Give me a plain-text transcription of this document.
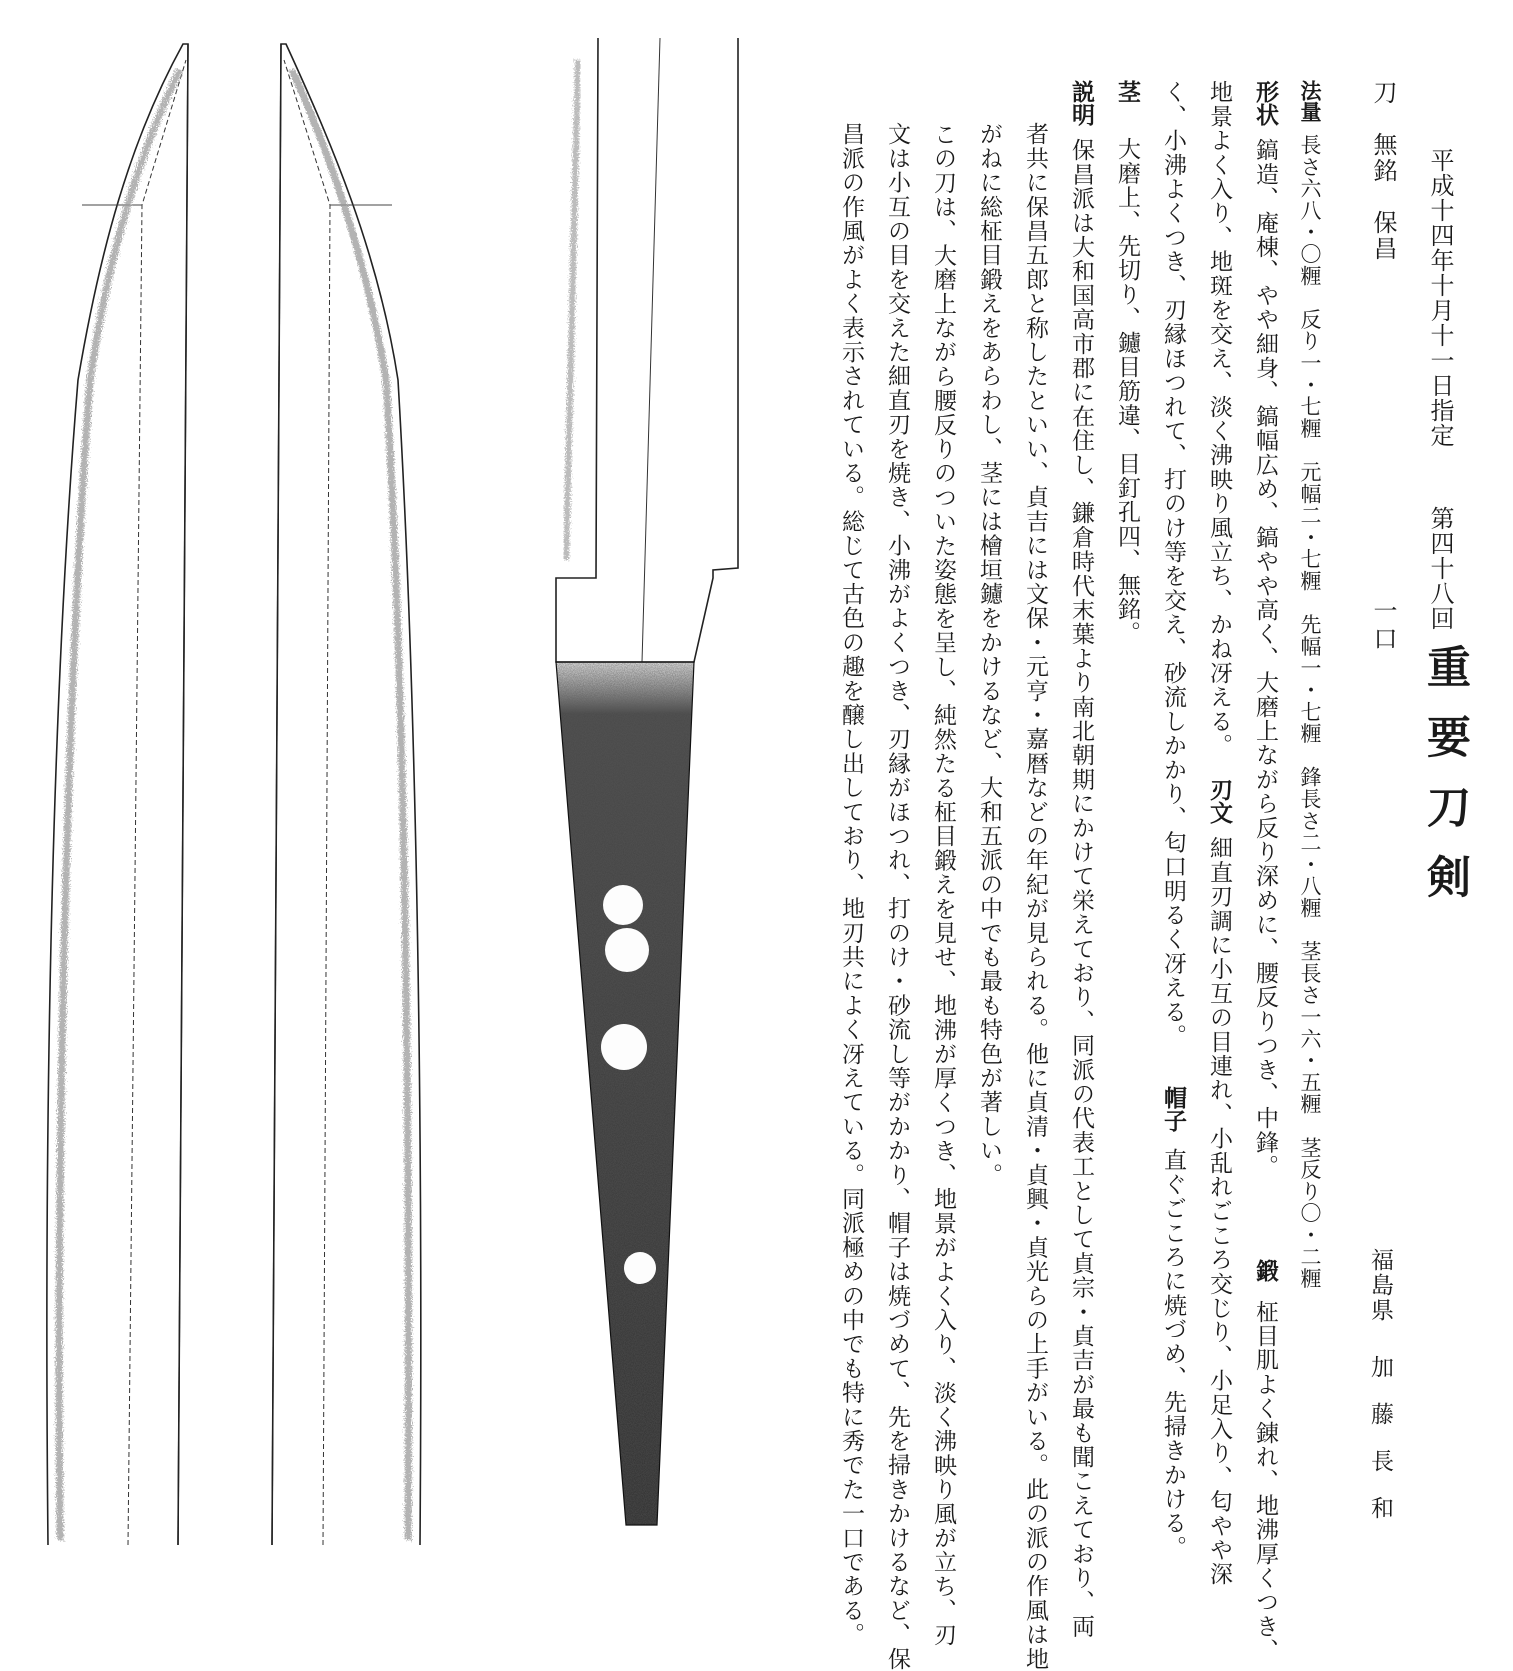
平成十四年十月十一日指定
第四十八回
重要刀剣
福島県
加藤長和
刀　無銘　保昌
一口
法量長さ六八・〇糎　反り一・七糎　元幅二・七糎　先幅一・七糎　鋒長さ二・八糎　茎長さ一六・五糎　茎反り〇・二糎
形状鎬造、庵棟、やや細身、鎬幅広め、鎬やや高く、大磨上ながら反り深めに、腰反りつき、中鋒。鍛柾目肌よく錬れ、地沸厚くつき、
地景よく入り、地斑を交え、淡く沸映り風立ち、かね冴える。
刃文細直刃調に小互の目連れ、小乱れごころ交じり、小足入り、匂やや深
く、小沸よくつき、刃縁ほつれて、打のけ等を交え、砂流しかかり、匂口明るく冴える。帽子直ぐごころに焼づめ、先掃きかける。
茎大磨上、先切り、鑢目筋違、目釘孔四、無銘。
説明保昌派は大和国高市郡に在住し、鎌倉時代末葉より南北朝期にかけて栄えており、同派の代表工として貞宗・貞吉が最も聞こえており、両
者共に保昌五郎と称したといい、貞吉には文保・元亨・嘉暦などの年紀が見られる。他に貞清・貞興・貞光らの上手がいる。此の派の作風は地
がねに総柾目鍛えをあらわし、茎には檜垣鑢をかけるなど、大和五派の中でも最も特色が著しい。
　この刀は、大磨上ながら腰反りのついた姿態を呈し、純然たる柾目鍛えを見せ、地沸が厚くつき、地景がよく入り、淡く沸映り風が立ち、刃
文は小互の目を交えた細直刃を焼き、小沸がよくつき、刃縁がほつれ、打のけ・砂流し等がかかり、帽子は焼づめて、先を掃きかけるなど、保
昌派の作風がよく表示されている。総じて古色の趣を醸し出しており、地刃共によく冴えている。同派極めの中でも特に秀でた一口である。
